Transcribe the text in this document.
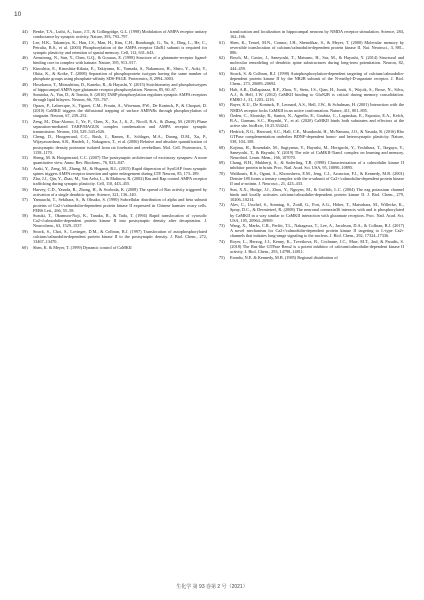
10
44)	Benke, T.A., Luthi, A., Isaac, J.T., & Collingridge, G.L. (1998) Modulation of AMPA receptor unitary conductance by synaptic activity. Nature, 393, 793–797.
45)	Lee, H.K., Takamiya, K., Han, J.S., Man, H., Kim, C.H., Rumbaugh, G., Yu, S., Ding, L., He, C., Petralia, R.S., et al. (2003) Phosphorylation of the AMPA receptor GluR1 subunit is required for synaptic plasticity and retention of spatial memory. Cell, 112, 631–643.
46)	Armstrong, N., Sun, Y., Chen, G.Q., & Gouaux, E. (1998) Structure of a glutamate-receptor ligand-binding core in complex with kainate. Nature, 395, 913–917.
47)	Kinoshita, E., Kinoshita-Kikuta, E., Takiyama, K., Yamada, S., Nakamura, H., Shiro, Y., Aoki, Y., Okita, K., & Koike, T. (2008) Separation of phosphoprotein isotypes having the same number of phosphate groups using phosphate-affinity SDS-PAGE. Proteomics, 8, 2994–3003.
48)	Hosokawa, T., Mitsushima, D., Kaneko, R., & Hayashi, Y. (2015) Stoichiometry and phosphoisotypes of hippocampal AMPA type glutamate receptor phosphorylation. Neuron, 85, 60–67.
49)	Sumioka, A., Yan, D., & Tomita, S. (2010) TARP phosphorylation regulates synaptic AMPA receptors through lipid bilayers. Neuron, 66, 755–767.
50)	Opazo, P., Labrecque, S., Tigaret, C.M., Frouin, A., Wiseman, P.W., De Koninck, P., & Choquet, D. (2010) CaMKII triggers the diffusional trapping of surface AMPARs through phosphorylation of stargazin. Neuron, 67, 239–252.
51)	Zeng, M., Díaz-Alonso, J., Ye, F., Chen, X., Xu, J., Ji, Z., Nicoll, R.A., & Zhang, M. (2019) Phase separation-mediated TARP/MAGUK complex condensation and AMPA receptor synaptic transmission. Neuron, 104, 529–543.e526.
52)	Cheng, D., Hoogenraad, C.C., Rush, J., Ramm, E., Schlager, M.A., Duong, D.M., Xu, P., Wijayawardana, S.R., Hanfelt, J., Nakagawa, T., et al. (2006) Relative and absolute quantification of postsynaptic density proteome isolated from rat forebrain and cerebellum. Mol. Cell. Proteomics, 5, 1158–1170.
53)	Sheng, M. & Hoogenraad, C.C. (2007) The postsynaptic architecture of excitatory synapses: A more quantitative view. Annu. Rev. Biochem., 76, 823–847.
54)	Araki, Y., Zeng, M., Zhang, M., & Huganir, R.L. (2015) Rapid dispersion of SynGAP from synaptic spines triggers AMPA receptor insertion and spine enlargement during LTP. Neuron, 85, 173–189.
55)	Zhu, J.J., Qin, Y., Zhao, M., Van Aelst, L., & Malinow, R. (2002) Ras and Rap control AMPA receptor trafficking during synaptic plasticity. Cell, 110, 443–455.
56)	Harvey, C.D., Yasuda, R., Zhong, H., & Svoboda, K. (2008) The spread of Ras activity triggered by activation of a single dendritic spine. Science, 321, 136–140.
57)	Yamauchi, T., Sekihara, S., & Ohsako, S. (1990) Subcellular distribution of alpha and beta subunit proteins of Ca2+/calmodulin-dependent protein kinase II expressed in Chinese hamster ovary cells. FEBS Lett., 266, 55–58.
58)	Suzuki, T., Okumura-Noji, K., Tanaka, R., & Tada, T. (1994) Rapid translocation of cytosolic Ca2+/calmodulin-dependent protein kinase II into postsynaptic density after decapitation. J. Neurochem., 63, 1529–1537.
59)	Strack, S., Choi, S., Lovinger, D.M., & Colbran, R.J. (1997) Translocation of autophosphorylated calcium/calmodulin-dependent protein kinase II to the postsynaptic density. J. Biol. Chem., 272, 13467–13470.
60)	Shen, K. & Meyer, T. (1999) Dynamic control of CaMKII
translocation and localization in hippocampal neurons by NMDA receptor stimulation. Science, 284, 162–166.
61)	Shen, K., Teruel, M.N., Connor, J.H., Shenolikar, S., & Meyer, T. (2000) Molecular memory by reversible translocation of calcium/calmodulin-dependent protein kinase II. Nat. Neurosci., 3, 881–886.
62)	Bosch, M., Castro, J., Saneyoshi, T., Matsuno, H., Sur, M., & Hayashi, Y. (2014) Structural and molecular remodeling of dendritic spine substructures during long-term potentiation. Neuron, 82, 444–459.
63)	Strack, S. & Colbran, R.J. (1998) Autophosphorylation-dependent targeting of calcium/calmodulin-dependent protein kinase II by the NR2B subunit of the N-methyl-D-aspartate receptor. J. Biol. Chem., 273, 20689–20692.
64)	Halt, A.R., Dallapiazza, R.F., Zhou, Y., Stein, I.S., Qian, H., Juntti, S., Wojcik, S., Brose, N., Silva, A.J., & Hell, J.W. (2012) CaMKII binding to GluN2B is critical during memory consolidation. EMBO J., 31, 1203–1216.
65)	Bayer, K.U., De Koninck, P., Leonard, A.S., Hell, J.W., & Schulman, H. (2001) Interaction with the NMDA receptor locks CaMKII in an active conformation. Nature, 411, 801–805.
66)	Özden, C., Sloutsky, R., Santos, N., Agnello, E., Gaubitz, C., Lapinskas, E., Esposito, E.A., Kelch, B.A., Garman, S.C., Hayashi, Y., et al. (2020) CaMKII binds both substrates and effectors at the active site. bioRxiv, 10.25.354241.
67)	Hedrick, N.G., Harward, S.C., Hall, C.E., Murakoshi, H., McNamara, J.O., & Yasuda, R. (2016) Rho GTPase complementation underlies BDNF-dependent homo- and heterosynaptic plasticity. Nature, 538, 104–108.
68)	Kojima, H., Rosendale, M., Sugiyama, Y., Hayashi, M., Horiguchi, Y., Yoshihara, T., Ikegaya, Y., Saneyoshi, T., & Hayashi, Y. (2019) The role of CaMKII-Tiam1 complex on learning and memory. Neurobiol. Learn. Mem., 166, 107070.
69)	Chang, B.H., Mukherji, S., & Soderling, T.R. (1998) Characterization of a calmodulin kinase II inhibitor protein in brain. Proc. Natl. Acad. Sci. USA, 95, 10890–10895.
70)	Walikonis, R.S., Oguni, A., Khorosheva, E.M., Jeng, C.J., Asuncion, F.J., & Kennedy, M.B. (2001) Densin-180 forms a ternary complex with the α-subunit of Ca2+/calmodulin-dependent protein kinase II and α-actinin. J. Neurosci., 21, 423–433.
71)	Sun, X.X., Hodge, J.J., Zhou, Y., Nguyen, M., & Griffith, L.C. (2004) The eag potassium channel binds and locally activates calcium/calmodulin-dependent protein kinase II. J. Biol. Chem., 279, 10206–10214.
72)	Alev, C., Urschel, S., Sonntag, S., Zoidl, G., Fort, A.G., Höher, T., Matsubara, M., Willecke, K., Spray, D.C., & Dermietzel, R. (2008) The neuronal connexin36 interacts with and is phosphorylated by CaMKII in a way similar to CaMKII interaction with glutamate receptors. Proc. Natl. Acad. Sci. USA, 105, 20964–20969.
73)	Wang, X., Marks, C.R., Perfitt, T.L., Nakagawa, T., Lee, A., Jacobson, D.A., & Colbran, R.J. (2017) A novel mechanism for Ca2+/calmodulin-dependent protein kinase II targeting to L-type Ca2+ channels that initiates long-range signaling to the nucleus. J. Biol. Chem., 292, 17324–17336.
74)	Royer, L., Herzog, J.J., Kenny, K., Tzvetkova, B., Cochrane, J.C., Marr, M.T., 2nd, & Paradis, S. (2018) The Ras-like GTPase Rem2 is a potent inhibitor of calcium/calmodulin-dependent kinase II activity. J. Biol. Chem., 293, 14798–14811.
75)	Erondu, N.E. & Kennedy, M.B. (1985) Regional distribution of
生化学 第 93 巻第 2 号（2021）
